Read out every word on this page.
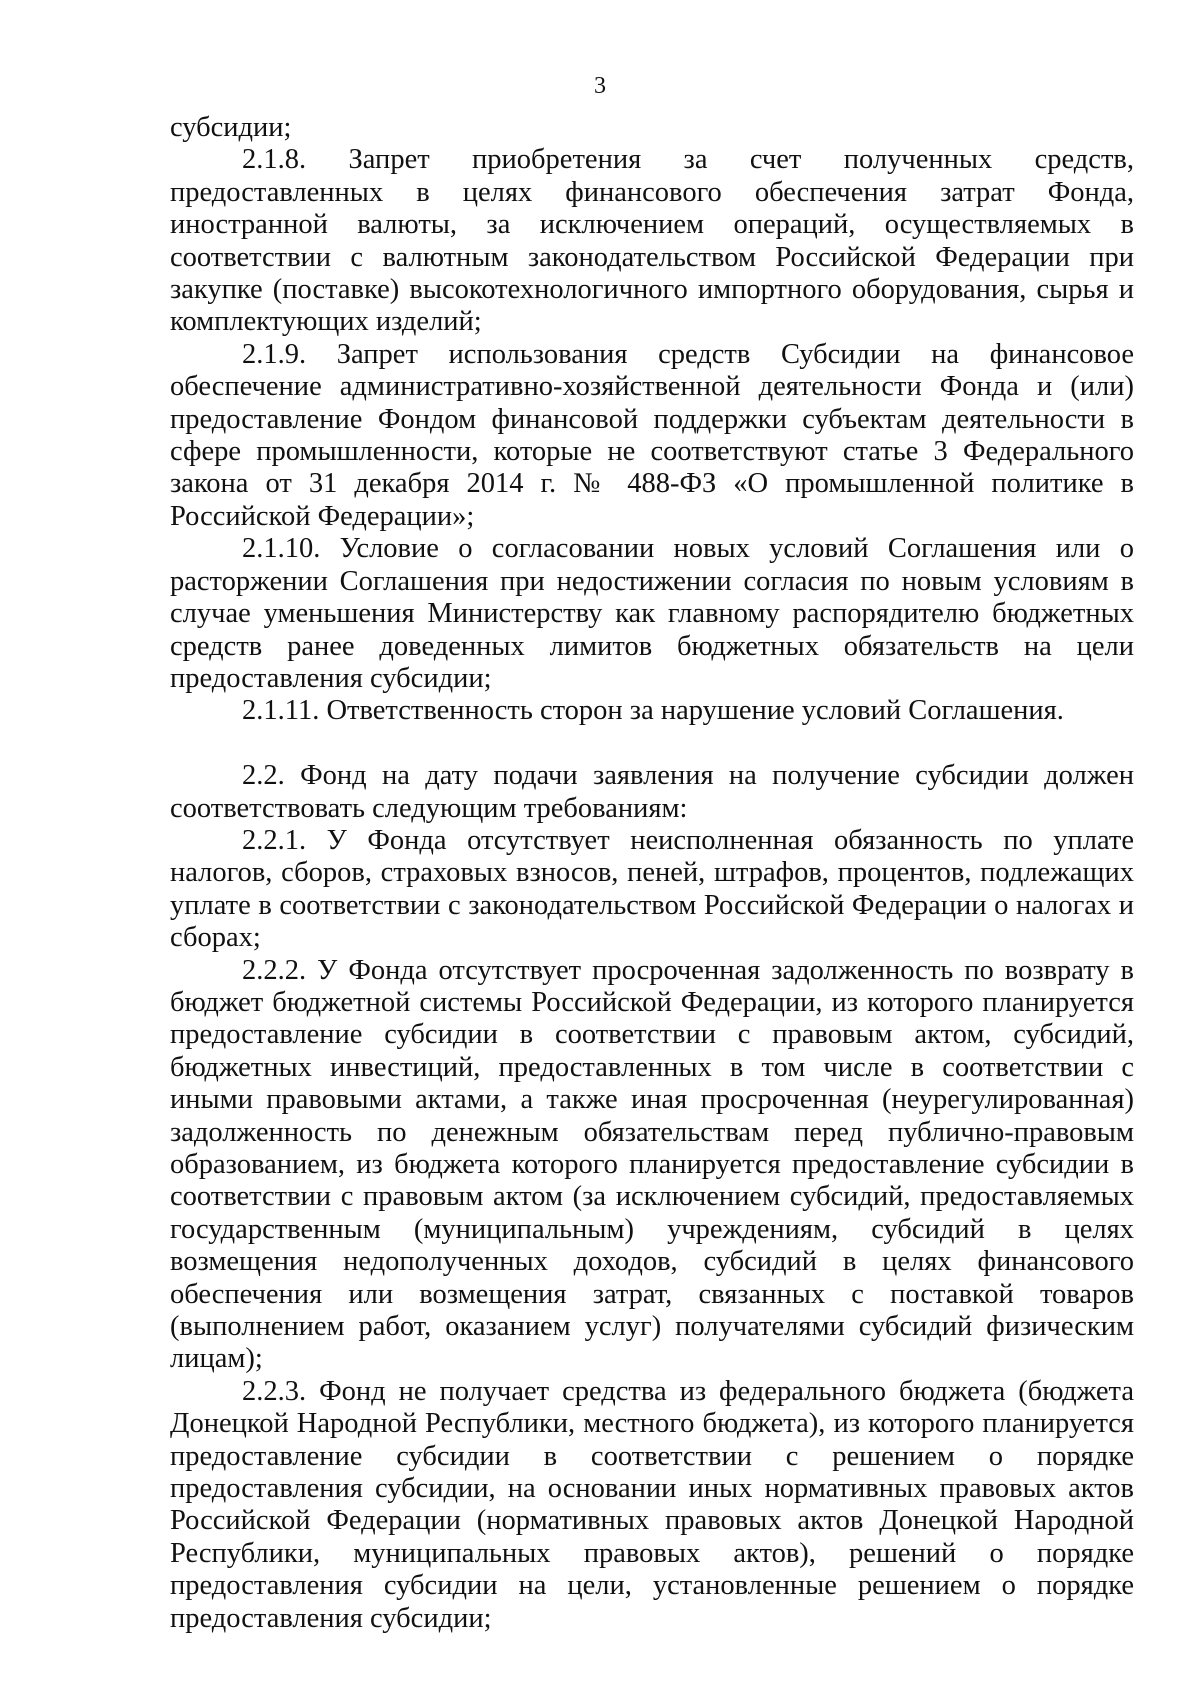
3

субсидии;

2.1.8. Запрет приобретения за счет полученных средств, предоставленных в целях финансового обеспечения затрат Фонда, иностранной валюты, за исключением операций, осуществляемых в соответствии с валютным законодательством Российской Федерации при закупке (поставке) высокотехнологичного импортного оборудования, сырья и комплектующих изделий;

2.1.9. Запрет использования средств Субсидии на финансовое обеспечение административно-хозяйственной деятельности Фонда и (или) предоставление Фондом финансовой поддержки субъектам деятельности в сфере промышленности, которые не соответствуют статье 3 Федерального закона от 31 декабря 2014 г. № 488-ФЗ «О промышленной политике в Российской Федерации»;

2.1.10. Условие о согласовании новых условий Соглашения или о расторжении Соглашения при недостижении согласия по новым условиям в случае уменьшения Министерству как главному распорядителю бюджетных средств ранее доведенных лимитов бюджетных обязательств на цели предоставления субсидии;

2.1.11. Ответственность сторон за нарушение условий Соглашения.

2.2. Фонд на дату подачи заявления на получение субсидии должен соответствовать следующим требованиям:

2.2.1. У Фонда отсутствует неисполненная обязанность по уплате налогов, сборов, страховых взносов, пеней, штрафов, процентов, подлежащих уплате в соответствии с законодательством Российской Федерации о налогах и сборах;

2.2.2. У Фонда отсутствует просроченная задолженность по возврату в бюджет бюджетной системы Российской Федерации, из которого планируется предоставление субсидии в соответствии с правовым актом, субсидий, бюджетных инвестиций, предоставленных в том числе в соответствии с иными правовыми актами, а также иная просроченная (неурегулированная) задолженность по денежным обязательствам перед публично-правовым образованием, из бюджета которого планируется предоставление субсидии в соответствии с правовым актом (за исключением субсидий, предоставляемых государственным (муниципальным) учреждениям, субсидий в целях возмещения недополученных доходов, субсидий в целях финансового обеспечения или возмещения затрат, связанных с поставкой товаров (выполнением работ, оказанием услуг) получателями субсидий физическим лицам);

2.2.3. Фонд не получает средства из федерального бюджета (бюджета Донецкой Народной Республики, местного бюджета), из которого планируется предоставление субсидии в соответствии с решением о порядке предоставления субсидии, на основании иных нормативных правовых актов Российской Федерации (нормативных правовых актов Донецкой Народной Республики, муниципальных правовых актов), решений о порядке предоставления субсидии на цели, установленные решением о порядке предоставления субсидии;
